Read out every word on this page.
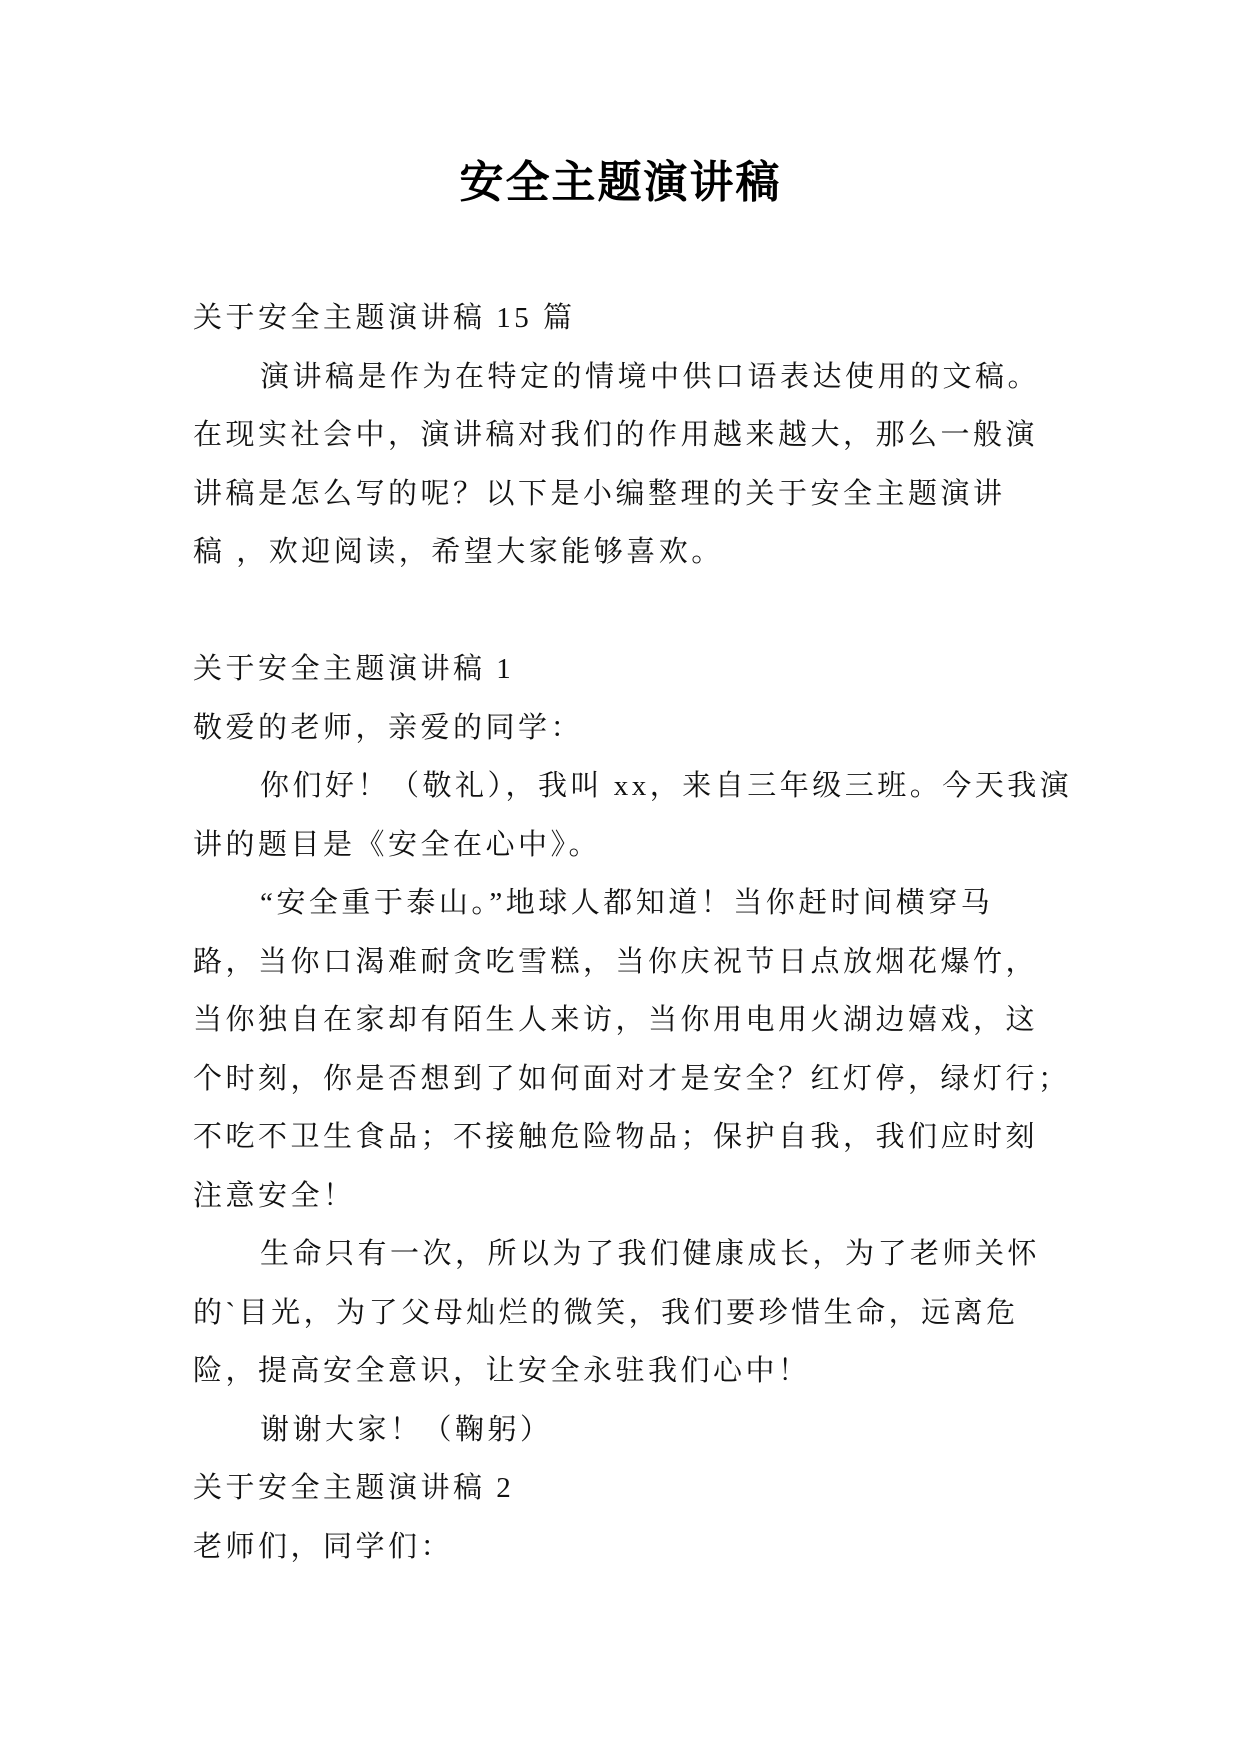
安全主题演讲稿
关于安全主题演讲稿 15 篇
演讲稿是作为在特定的情境中供口语表达使用的文稿。
在现实社会中，演讲稿对我们的作用越来越大，那么一般演
讲稿是怎么写的呢？以下是小编整理的关于安全主题演讲
稿 ，欢迎阅读，希望大家能够喜欢。
关于安全主题演讲稿 1
敬爱的老师，亲爱的同学：
你们好！（敬礼），我叫 xx，来自三年级三班。今天我演
讲的题目是《安全在心中》。
“安全重于泰山。”地球人都知道！当你赶时间横穿马
路，当你口渴难耐贪吃雪糕，当你庆祝节日点放烟花爆竹，
当你独自在家却有陌生人来访，当你用电用火湖边嬉戏，这
个时刻，你是否想到了如何面对才是安全？红灯停，绿灯行；
不吃不卫生食品；不接触危险物品；保护自我，我们应时刻
注意安全！
生命只有一次，所以为了我们健康成长，为了老师关怀
的`目光，为了父母灿烂的微笑，我们要珍惜生命，远离危
险，提高安全意识，让安全永驻我们心中！
谢谢大家！（鞠躬）
关于安全主题演讲稿 2
老师们，同学们：
